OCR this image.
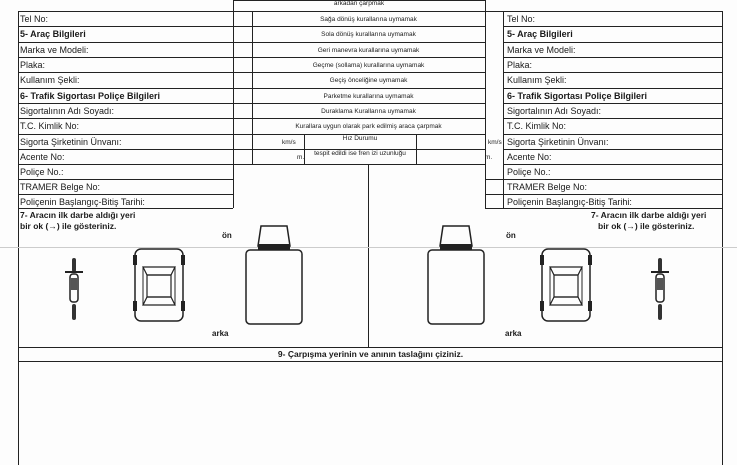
arkadan çarpmak
Tel No:
5- Araç Bilgileri
Marka ve Modeli:
Plaka:
Kullanım Şekli:
6- Trafik Sigortası Poliçe Bilgileri
Sigortalının Adı Soyadı:
T.C. Kimlik No:
Sigorta Şirketinin Ünvanı:
Acente No:
Poliçe No.:
TRAMER Belge No:
Poliçenin Başlangıç-Bitiş Tarihi:
Sağa dönüş kurallarına uymamak
Sola dönüş kurallarına uymamak
Geri manevra kurallarına uymamak
Geçme (sollama) kurallarına uymamak
Geçiş önceliğine uymamak
Parketme kurallarına uymamak
Duraklama Kurallarına uymamak
Kurallara uygun olarak park edilmiş araca çarpmak
km/s	km/s
Hız Durumu
m.	m.
tespit edildi ise fren izi uzunluğu
Tel No:
5- Araç Bilgileri
Marka ve Modeli:
Plaka:
Kullanım Şekli:
6- Trafik Sigortası Poliçe Bilgileri
Sigortalının Adı Soyadı:
T.C. Kimlik No:
Sigorta Şirketinin Ünvanı:
Acente No:
Poliçe No.:
TRAMER Belge No:
Poliçenin Başlangıç-Bitiş Tarihi:
7- Aracın ilk darbe aldığı yeri
bir ok (→) ile gösteriniz.
7- Aracın ilk darbe aldığı yeri
bir ok (→) ile gösteriniz.
ön
arka
ön
arka
9- Çarpışma yerinin ve anının taslağını çiziniz.
